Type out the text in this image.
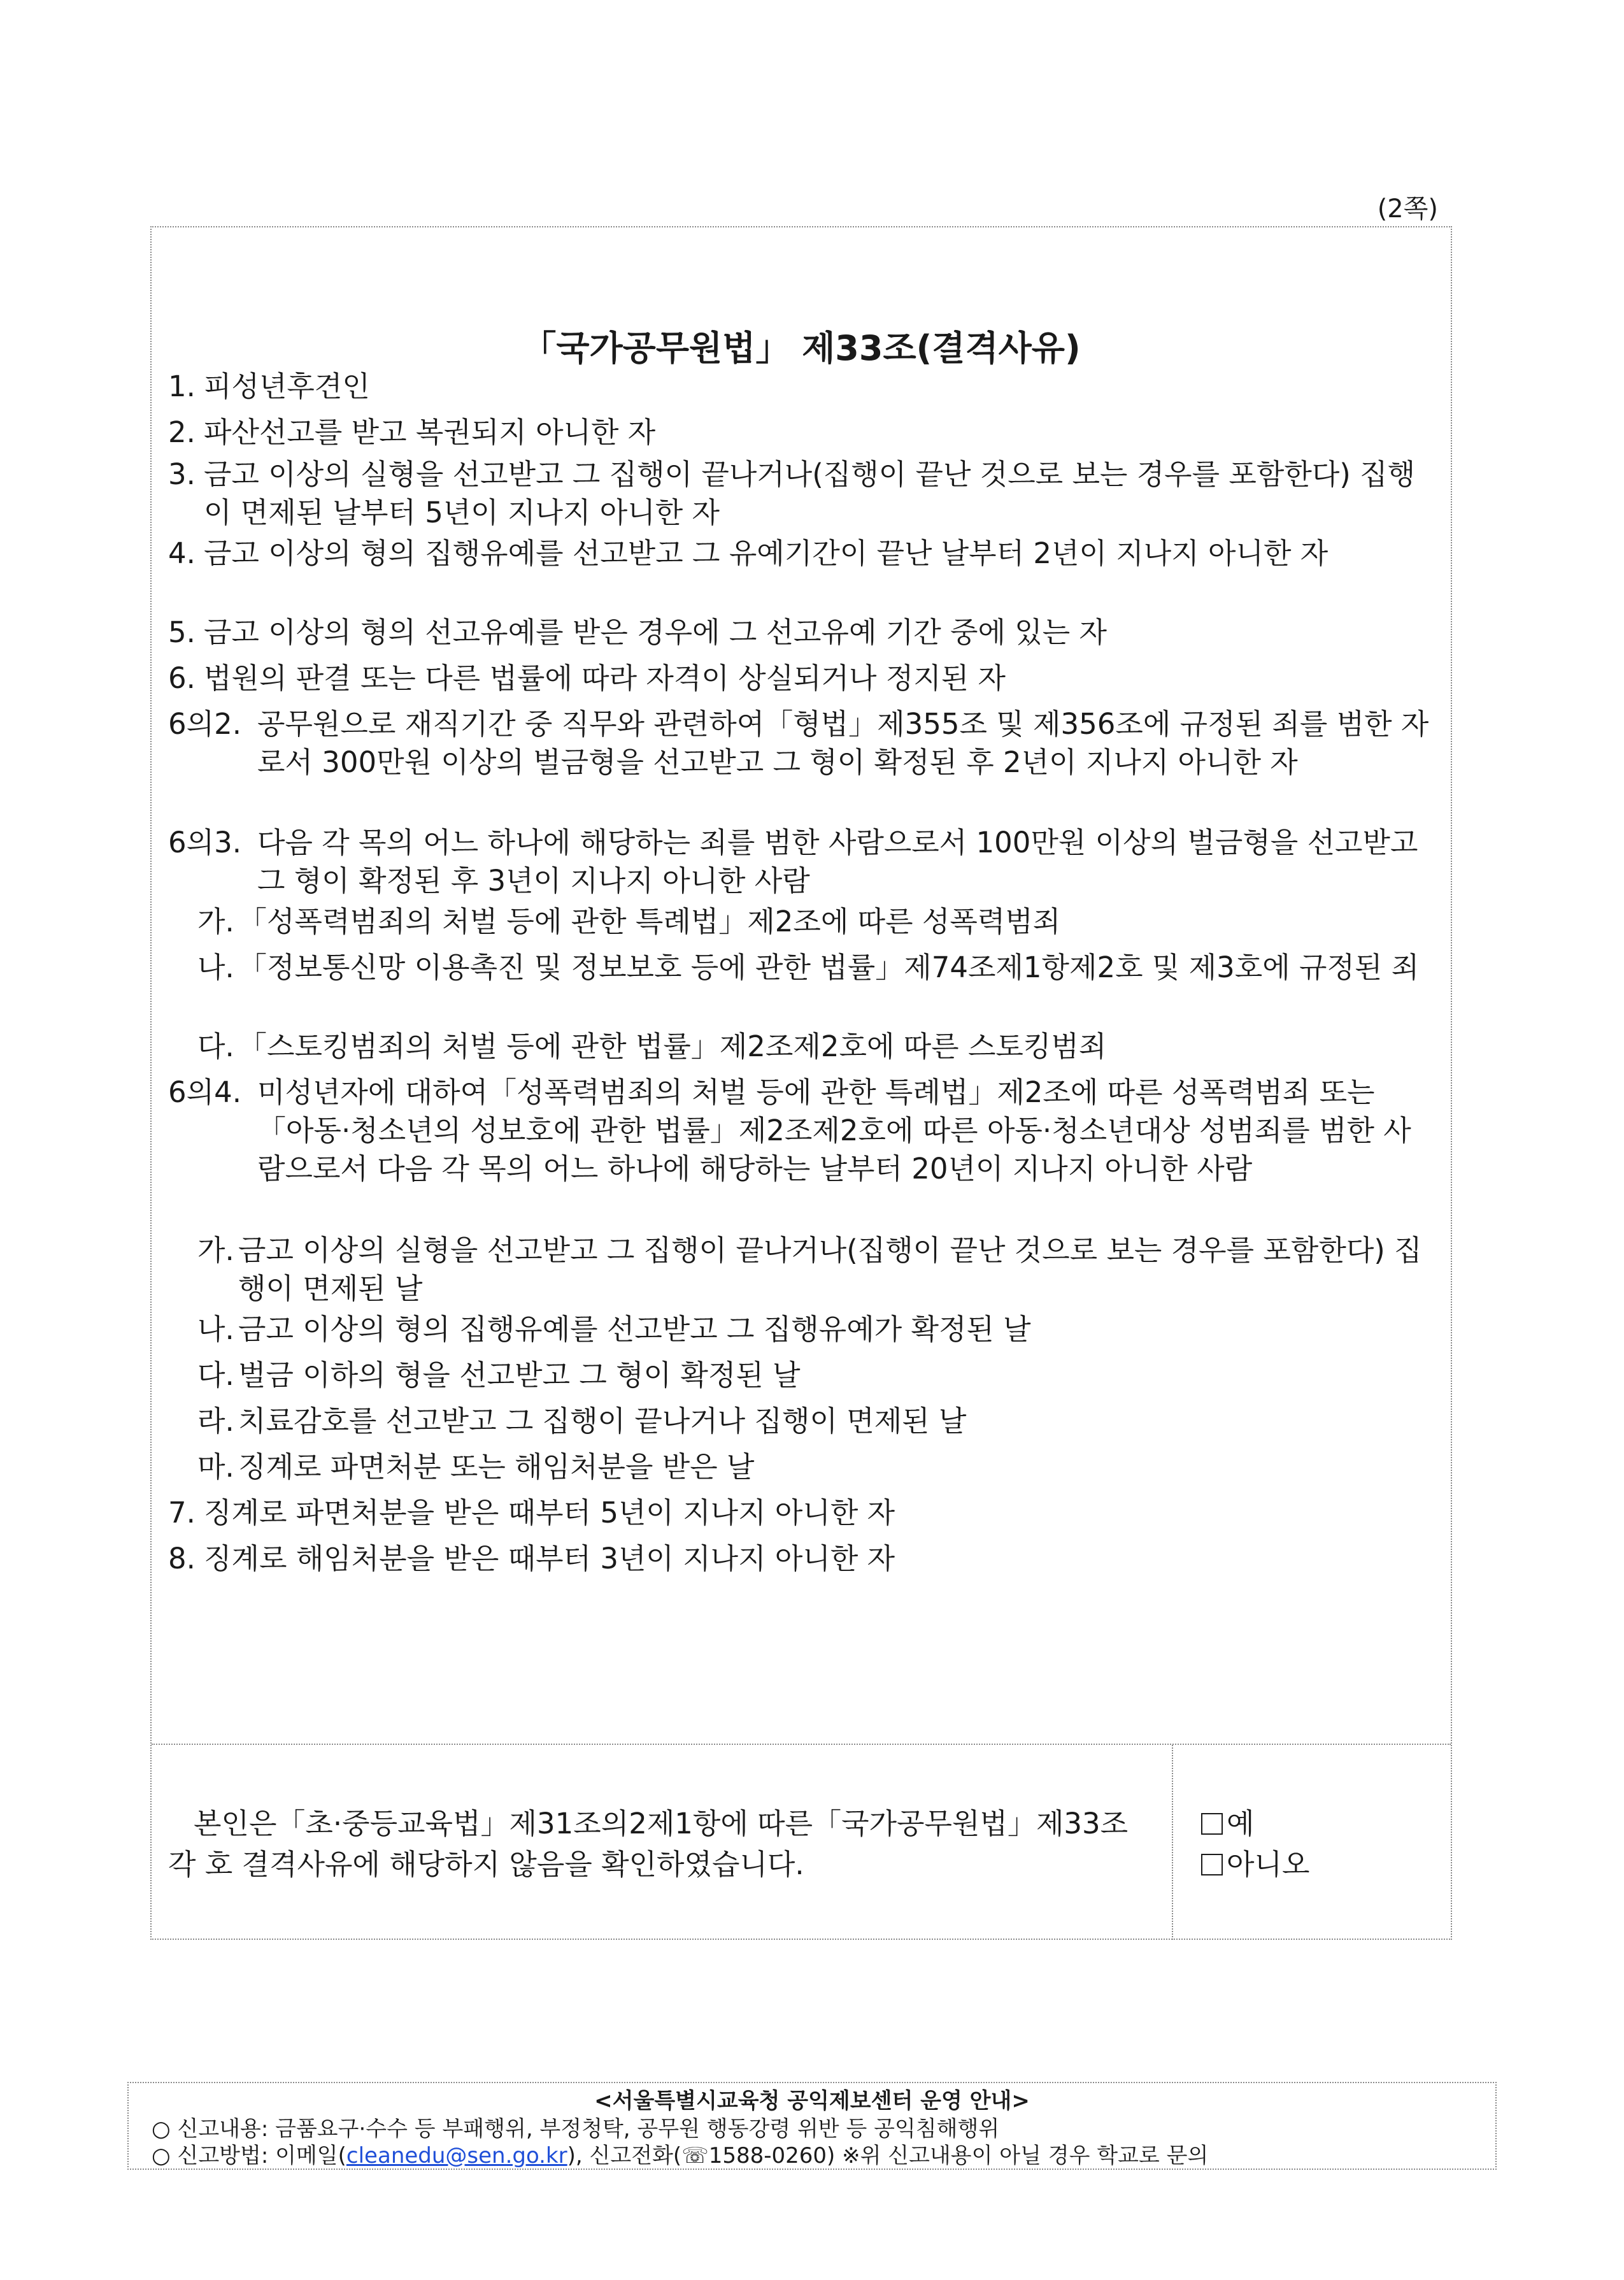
(2쪽)
「국가공무원법」 제33조(결격사유)
1. 피성년후견인
2. 파산선고를 받고 복권되지 아니한 자
3. 금고 이상의 실형을 선고받고 그 집행이 끝나거나(집행이 끝난 것으로 보는 경우를 포함한다) 집행이 면제된 날부터 5년이 지나지 아니한 자
4. 금고 이상의 형의 집행유예를 선고받고 그 유예기간이 끝난 날부터 2년이 지나지 아니한 자
5. 금고 이상의 형의 선고유예를 받은 경우에 그 선고유예 기간 중에 있는 자
6. 법원의 판결 또는 다른 법률에 따라 자격이 상실되거나 정지된 자
6의2. 공무원으로 재직기간 중 직무와 관련하여「형법」제355조 및 제356조에 규정된 죄를 범한 자로서 300만원 이상의 벌금형을 선고받고 그 형이 확정된 후 2년이 지나지 아니한 자
6의3. 다음 각 목의 어느 하나에 해당하는 죄를 범한 사람으로서 100만원 이상의 벌금형을 선고받고 그 형이 확정된 후 3년이 지나지 아니한 사람
가. 「성폭력범죄의 처벌 등에 관한 특례법」제2조에 따른 성폭력범죄
나. 「정보통신망 이용촉진 및 정보보호 등에 관한 법률」제74조제1항제2호 및 제3호에 규정된 죄
다. 「스토킹범죄의 처벌 등에 관한 법률」제2조제2호에 따른 스토킹범죄
6의4. 미성년자에 대하여「성폭력범죄의 처벌 등에 관한 특례법」제2조에 따른 성폭력범죄 또는「아동·청소년의 성보호에 관한 법률」제2조제2호에 따른 아동·청소년대상 성범죄를 범한 사람으로서 다음 각 목의 어느 하나에 해당하는 날부터 20년이 지나지 아니한 사람
가. 금고 이상의 실형을 선고받고 그 집행이 끝나거나(집행이 끝난 것으로 보는 경우를 포함한다) 집행이 면제된 날
나. 금고 이상의 형의 집행유예를 선고받고 그 집행유예가 확정된 날
다. 벌금 이하의 형을 선고받고 그 형이 확정된 날
라. 치료감호를 선고받고 그 집행이 끝나거나 집행이 면제된 날
마. 징계로 파면처분 또는 해임처분을 받은 날
7. 징계로 파면처분을 받은 때부터 5년이 지나지 아니한 자
8. 징계로 해임처분을 받은 때부터 3년이 지나지 아니한 자
본인은「초·중등교육법」제31조의2제1항에 따른「국가공무원법」제33조 각 호 결격사유에 해당하지 않음을 확인하였습니다.
예
아니오
<서울특별시교육청 공익제보센터 운영 안내>
○ 신고내용: 금품요구·수수 등 부패행위, 부정청탁, 공무원 행동강령 위반 등 공익침해행위
○ 신고방법: 이메일(cleanedu@sen.go.kr), 신고전화(☏1588-0260) ※위 신고내용이 아닐 경우 학교로 문의
